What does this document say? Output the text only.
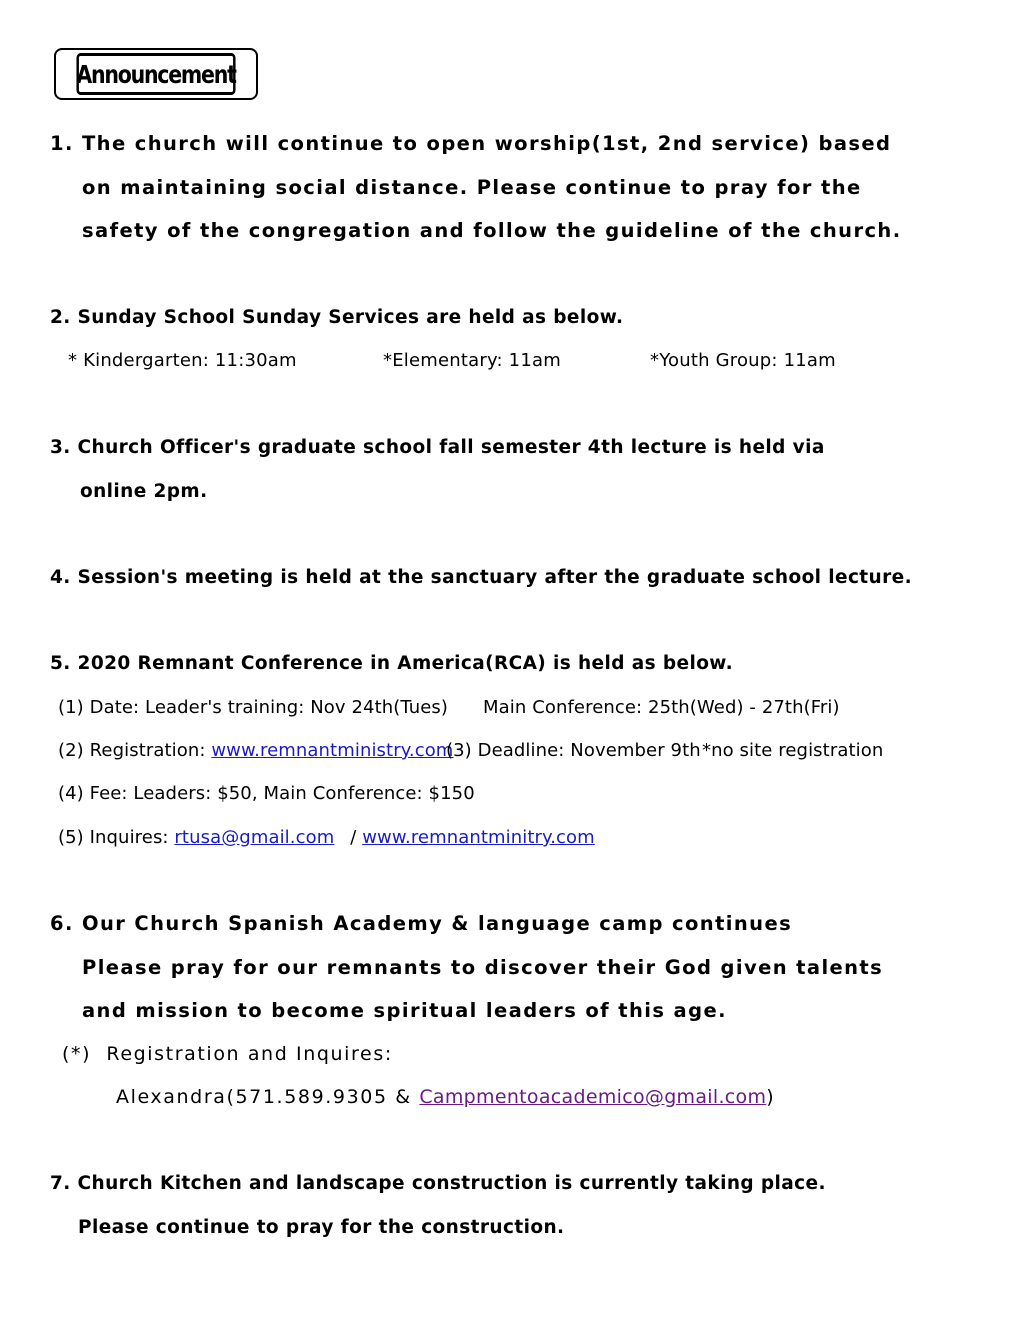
Announcement
1. The church will continue to open worship(1st, 2nd service) based
on maintaining social distance. Please continue to pray for the
safety of the congregation and follow the guideline of the church.
2. Sunday School Sunday Services are held as below.
* Kindergarten: 11:30am	*Elementary: 11am	*Youth Group: 11am
3. Church Officer's graduate school fall semester 4th lecture is held via
online 2pm.
4. Session's meeting is held at the sanctuary after the graduate school lecture.
5. 2020 Remnant Conference in America(RCA) is held as below.
(1) Date: Leader's training: Nov 24th(Tues) Main Conference: 25th(Wed) - 27th(Fri)
(2) Registration: www.remnantministry.com
(3) Deadline: November 9th *no site registration
(4) Fee: Leaders: $50, Main Conference: $150
(5) Inquires: rtusa@gmail.com / www.remnantminitry.com
6. Our Church Spanish Academy & language camp continues
Please pray for our remnants to discover their God given talents
and mission to become spiritual leaders of this age.
(*)  Registration and Inquires:
Alexandra(571.589.9305 & Campmentoacademico@gmail.com)
7. Church Kitchen and landscape construction is currently taking place.
Please continue to pray for the construction.
